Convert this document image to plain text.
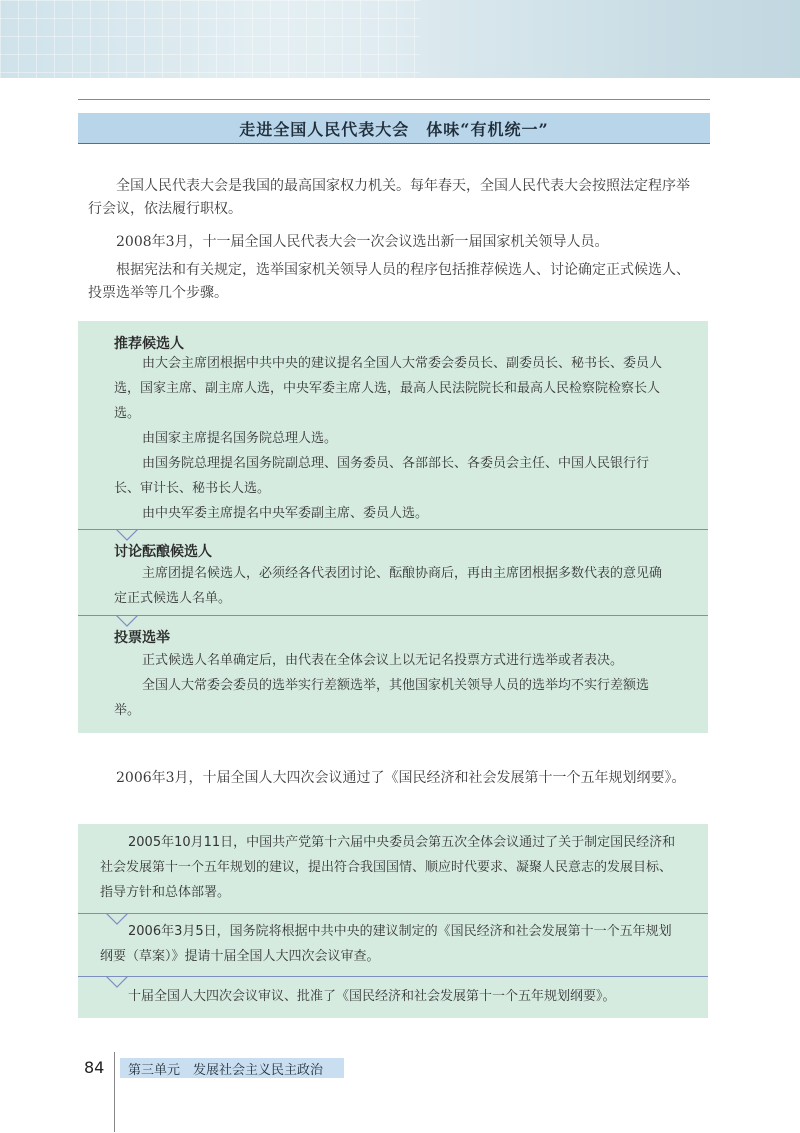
走进全国人民代表大会　体味“有机统一”

全国人民代表大会是我国的最高国家权力机关。每年春天，全国人民代表大会按照法定程序举行会议，依法履行职权。

2008年3月，十一届全国人民代表大会一次会议选出新一届国家机关领导人员。

根据宪法和有关规定，选举国家机关领导人员的程序包括推荐候选人、讨论确定正式候选人、投票选举等几个步骤。

推荐候选人
由大会主席团根据中共中央的建议提名全国人大常委会委员长、副委员长、秘书长、委员人选，国家主席、副主席人选，中央军委主席人选，最高人民法院院长和最高人民检察院检察长人选。
由国家主席提名国务院总理人选。
由国务院总理提名国务院副总理、国务委员、各部部长、各委员会主任、中国人民银行行长、审计长、秘书长人选。
由中央军委主席提名中央军委副主席、委员人选。
讨论酝酿候选人
主席团提名候选人，必须经各代表团讨论、酝酿协商后，再由主席团根据多数代表的意见确定正式候选人名单。
投票选举
正式候选人名单确定后，由代表在全体会议上以无记名投票方式进行选举或者表决。
全国人大常委会委员的选举实行差额选举，其他国家机关领导人员的选举均不实行差额选举。

2006年3月，十届全国人大四次会议通过了《国民经济和社会发展第十一个五年规划纲要》。

2005年10月11日，中国共产党第十六届中央委员会第五次全体会议通过了关于制定国民经济和社会发展第十一个五年规划的建议，提出符合我国国情、顺应时代要求、凝聚人民意志的发展目标、指导方针和总体部署。
2006年3月5日，国务院将根据中共中央的建议制定的《国民经济和社会发展第十一个五年规划纲要（草案）》提请十届全国人大四次会议审查。
十届全国人大四次会议审议、批准了《国民经济和社会发展第十一个五年规划纲要》。
84	第三单元　发展社会主义民主政治
